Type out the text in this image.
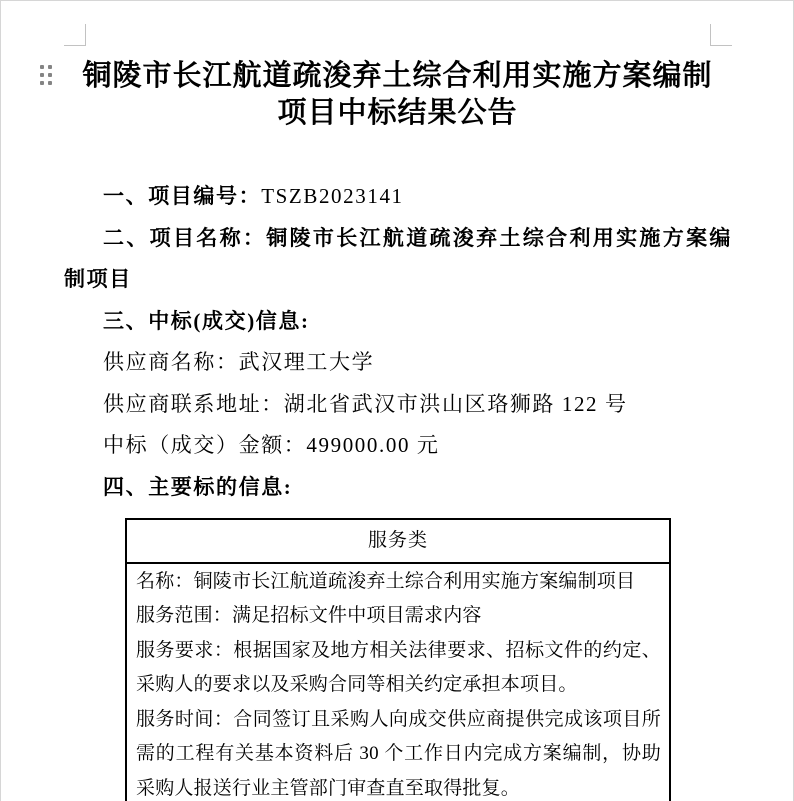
铜陵市长江航道疏浚弃土综合利用实施方案编制
项目中标结果公告

一、项目编号：TSZB2023141

二、项目名称：铜陵市长江航道疏浚弃土综合利用实施方案编制项目

三、中标(成交)信息:

供应商名称：武汉理工大学

供应商联系地址：湖北省武汉市洪山区珞狮路 122 号

中标（成交）金额：499000.00 元

四、主要标的信息:

服务类

名称：铜陵市长江航道疏浚弃土综合利用实施方案编制项目

服务范围：满足招标文件中项目需求内容

服务要求：根据国家及地方相关法律要求、招标文件的约定、采购人的要求以及采购合同等相关约定承担本项目。

服务时间：合同签订且采购人向成交供应商提供完成该项目所需的工程有关基本资料后 30 个工作日内完成方案编制，协助采购人报送行业主管部门审查直至取得批复。
